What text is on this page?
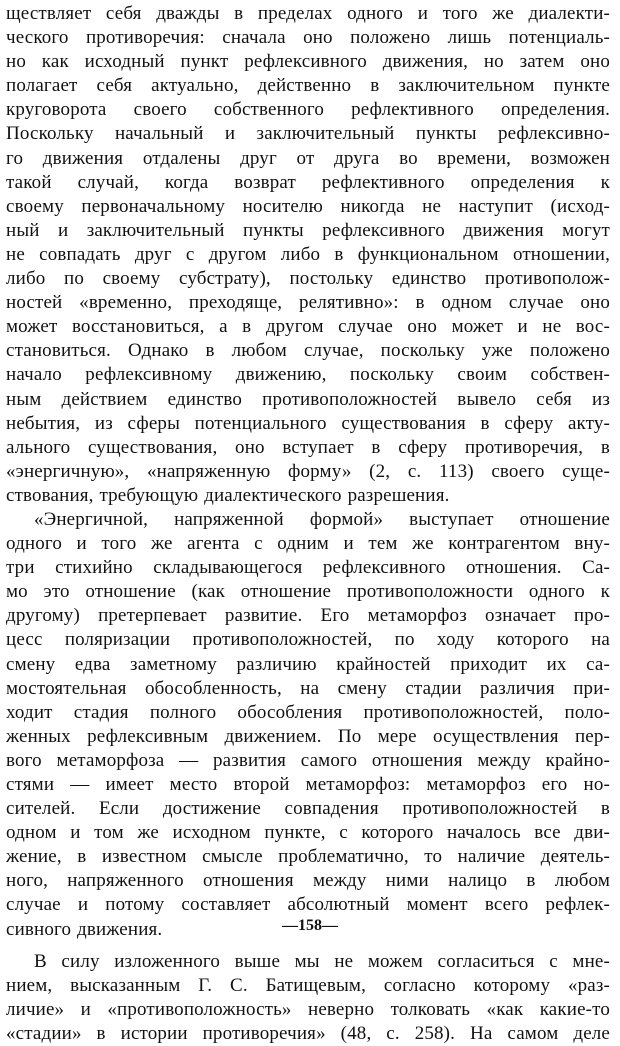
ществляет себя дважды в пределах одного и того же диалекти-
ческого противоречия: сначала оно положено лишь потенциаль-
но как исходный пункт рефлексивного движения, но затем оно
полагает себя актуально, действенно в заключительном пункте
круговорота своего собственного рефлективного определения.
Поскольку начальный и заключительный пункты рефлексивно-
го движения отдалены друг от друга во времени, возможен
такой случай, когда возврат рефлективного определения к
своему первоначальному носителю никогда не наступит (исход-
ный и заключительный пункты рефлексивного движения могут
не совпадать друг с другом либо в функциональном отношении,
либо по своему субстрату), постольку единство противополож-
ностей «временно, преходяще, релятивно»: в одном случае оно
может восстановиться, а в другом случае оно может и не вос-
становиться. Однако в любом случае, поскольку уже положено
начало рефлексивному движению, поскольку своим собствен-
ным действием единство противоположностей вывело себя из
небытия, из сферы потенциального существования в сферу акту-
ального существования, оно вступает в сферу противоречия, в
«энергичную», «напряженную форму» (2, с. 113) своего суще-
ствования, требующую диалектического разрешения.
«Энергичной, напряженной формой» выступает отношение
одного и того же агента с одним и тем же контрагентом вну-
три стихийно складывающегося рефлексивного отношения. Са-
мо это отношение (как отношение противоположности одного к
другому) претерпевает развитие. Его метаморфоз означает про-
цесс поляризации противоположностей, по ходу которого на
смену едва заметному различию крайностей приходит их са-
мостоятельная обособленность, на смену стадии различия при-
ходит стадия полного обособления противоположностей, поло-
женных рефлексивным движением. По мере осуществления пер-
вого метаморфоза — развития самого отношения между крайно-
стями — имеет место второй метаморфоз: метаморфоз его но-
сителей. Если достижение совпадения противоположностей в
одном и том же исходном пункте, с которого началось все дви-
жение, в известном смысле проблематично, то наличие деятель-
ного, напряженного отношения между ними налицо в любом
случае и потому составляет абсолютный момент всего рефлек-
сивного движения.
В силу изложенного выше мы не можем согласиться с мне-
нием, высказанным Г. С. Батищевым, согласно которому «раз-
личие» и «противоположность» неверно толковать «как какие-то
«стадии» в истории противоречия» (48, с. 258). На самом деле
—158—
